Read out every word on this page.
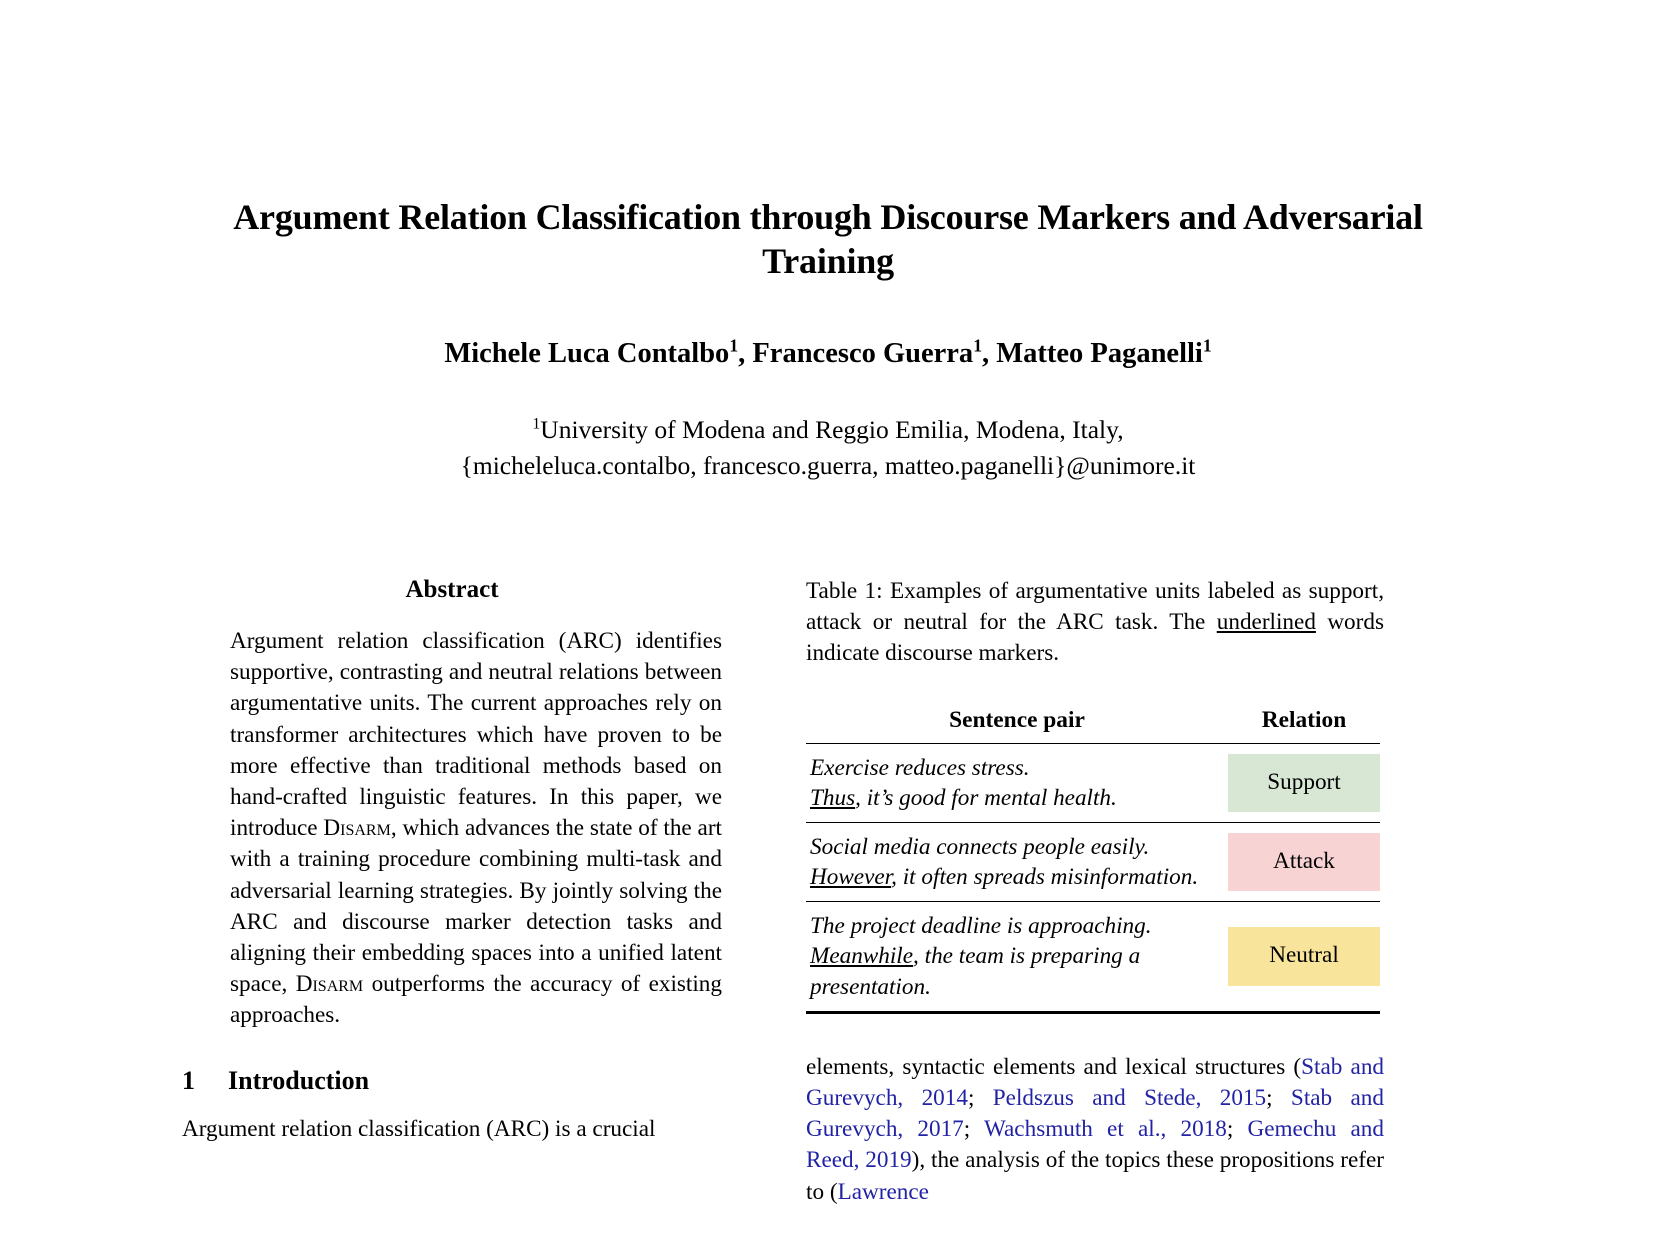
Argument Relation Classification through Discourse Markers and Adversarial Training
Michele Luca Contalbo$^1$, Francesco Guerra$^1$, Matteo Paganelli$^1$
$^1$University of Modena and Reggio Emilia, Modena, Italy,
{micheleluca.contalbo, francesco.guerra, matteo.paganelli}@unimore.it
Abstract

Argument relation classification (ARC) identifies supportive, contrasting and neutral relations between argumentative units. The current approaches rely on transformer architectures which have proven to be more effective than traditional methods based on hand-crafted linguistic features. In this paper, we introduce Disarm, which advances the state of the art with a training procedure combining multi-task and adversarial learning strategies. By jointly solving the ARC and discourse marker detection tasks and aligning their embedding spaces into a unified latent space, Disarm outperforms the accuracy of existing approaches.

1 Introduction

Argument relation classification (ARC) is a crucial

Table 1: Examples of argumentative units labeled as support, attack or neutral for the ARC task. The underlined words indicate discourse markers.

Sentence pair	Relation
Exercise reduces stress.
Thus, it’s good for mental health.	Support

Social media connects people easily.
However, it often spreads misinformation.	Attack

The project deadline is approaching.
Meanwhile, the team is preparing a presentation.	Neutral

elements, syntactic elements and lexical structures (Stab and Gurevych, 2014; Peldszus and Stede, 2015; Stab and Gurevych, 2017; Wachsmuth et al., 2018; Gemechu and Reed, 2019), the analysis of the topics these propositions refer to (Lawrence
